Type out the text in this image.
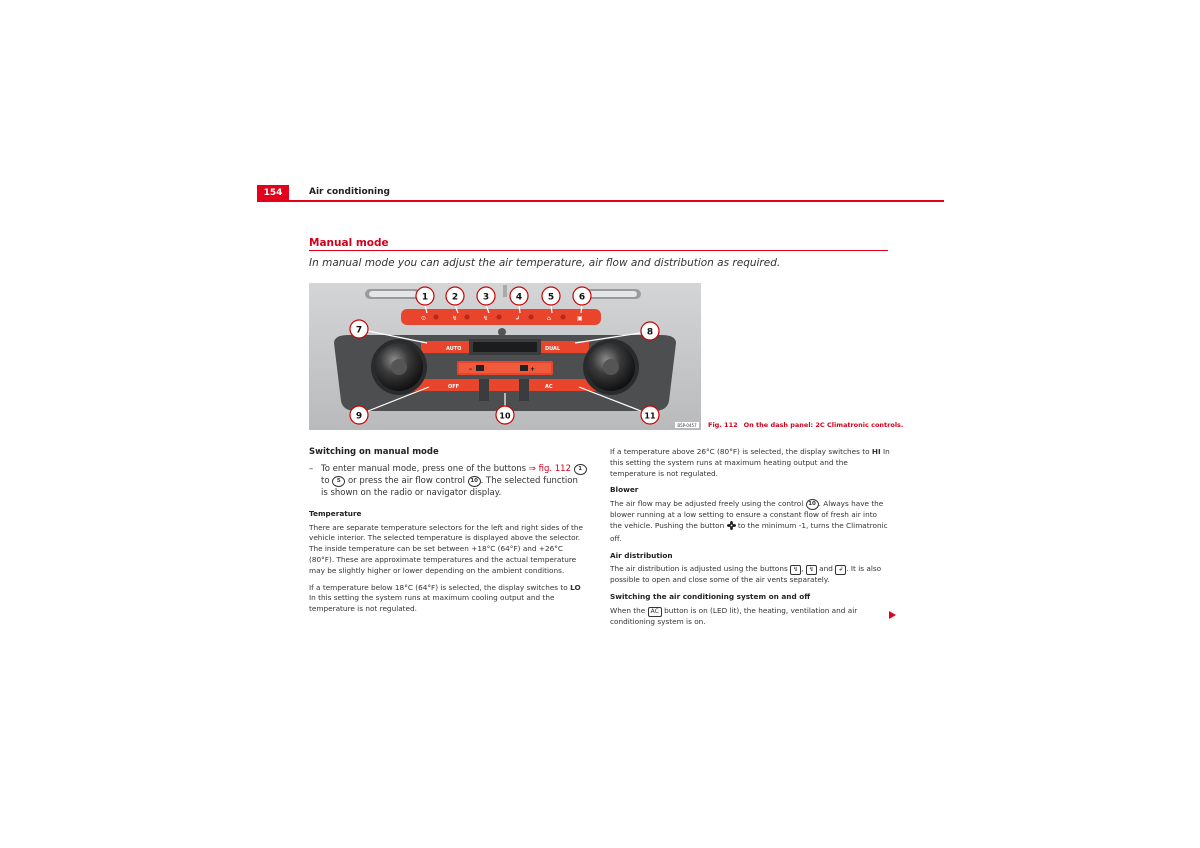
154	Air conditioning
Manual mode
In manual mode you can adjust the air temperature, air flow and distribution as required.
⊙	↯	↯	↲	⌂	▣
AUTO	DUAL
OFF	AC
–	+
1	2	3	4	5	6
7	8
9	10	11
B5P-0457 Fig. 112 On the dash panel: 2C Climatronic controls.
Switching on manual mode
– To enter manual mode, press one of the buttons ⇒ fig. 112 1 to 5 or press the air flow control 10 . The selected function is shown on the radio or navigator display.
Temperature

There are separate temperature selectors for the left and right sides of the vehicle interior. The selected temperature is displayed above the selector. The inside temperature can be set between +18°C (64°F) and +26°C (80°F). These are approximate temperatures and the actual temperature may be slightly higher or lower depending on the ambient conditions.

If a temperature below 18°C (64°F) is selected, the display switches to LO In this setting the system runs at maximum cooling output and the temperature is not regulated.

If a temperature above 26°C (80°F) is selected, the display switches to HI In this setting the system runs at maximum heating output and the temperature is not regulated.

Blower

The air flow may be adjusted freely using the control 10 . Always have the blower running at a low setting to ensure a constant flow of fresh air into the vehicle. Pushing the button  to the minimum -1, turns the Climatronic off.

Air distribution

The air distribution is adjusted using the buttons ↯ , ↯ and ↲ . It is also possible to open and close some of the air vents separately.

Switching the air conditioning system on and off

When the AC button is on (LED lit), the heating, ventilation and air conditioning system is on.
